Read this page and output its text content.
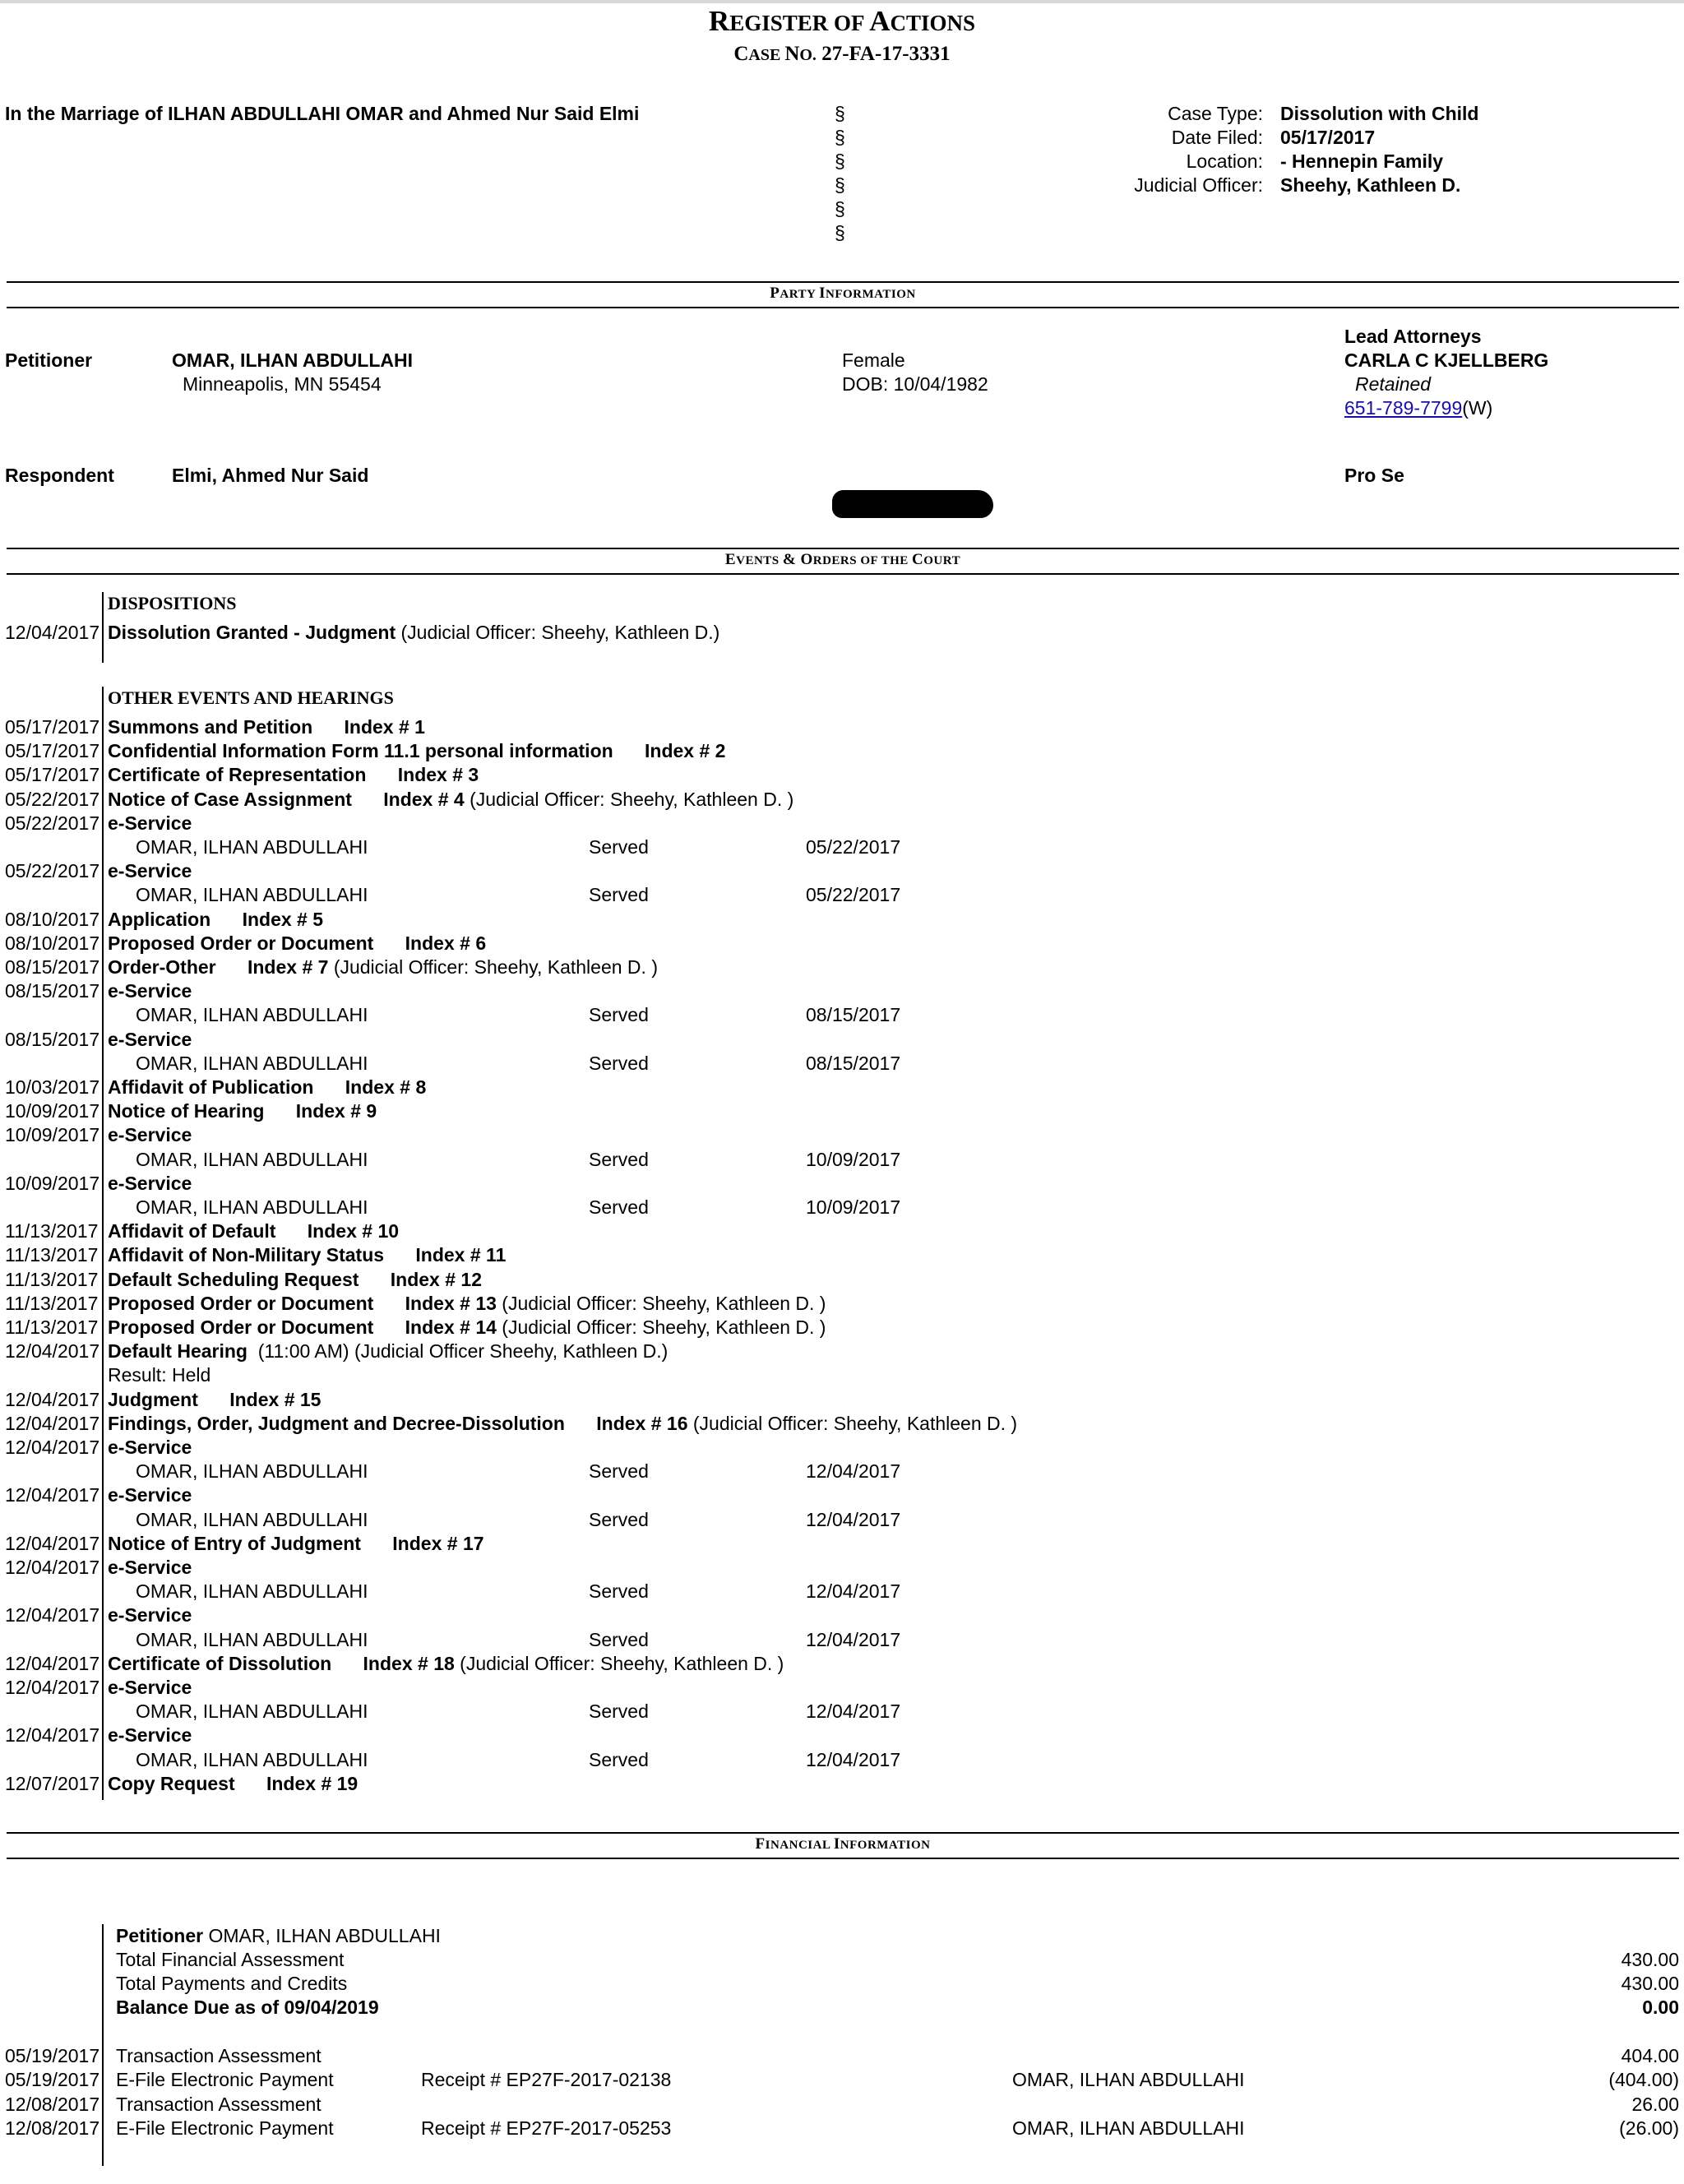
REGISTER OF ACTIONS
CASE NO. 27-FA-17-3331
In the Marriage of ILHAN ABDULLAHI OMAR and Ahmed Nur Said Elmi	§
§
§
§
§
§
Case Type: Dissolution with Child
Date Filed: 05/17/2017
Location: - Hennepin Family
Judicial Officer: Sheehy, Kathleen D.
PARTY INFORMATION
Lead Attorneys
Petitioner	OMAR, ILHAN ABDULLAHI
Minneapolis, MN 55454
Female
DOB: 10/04/1982
CARLA C KJELLBERG
Retained
651-789-7799(W)
Respondent	Elmi, Ahmed Nur Said	Pro Se
EVENTS & ORDERS OF THE COURT
DISPOSITIONS
12/04/2017 Dissolution Granted - Judgment (Judicial Officer: Sheehy, Kathleen D.)
OTHER EVENTS AND HEARINGS
05/17/2017 Summons and Petition Index # 1
05/17/2017 Confidential Information Form 11.1 personal information Index # 2
05/17/2017 Certificate of Representation Index # 3
05/22/2017 Notice of Case Assignment Index # 4 (Judicial Officer: Sheehy, Kathleen D. )
05/22/2017 e-Service
OMAR, ILHAN ABDULLAHI	Served	05/22/2017
05/22/2017 e-Service
OMAR, ILHAN ABDULLAHI	Served	05/22/2017
08/10/2017 Application Index # 5
08/10/2017 Proposed Order or Document Index # 6
08/15/2017 Order-Other Index # 7 (Judicial Officer: Sheehy, Kathleen D. )
08/15/2017 e-Service
OMAR, ILHAN ABDULLAHI	Served	08/15/2017
08/15/2017 e-Service
OMAR, ILHAN ABDULLAHI	Served	08/15/2017
10/03/2017 Affidavit of Publication Index # 8
10/09/2017 Notice of Hearing Index # 9
10/09/2017 e-Service
OMAR, ILHAN ABDULLAHI	Served	10/09/2017
10/09/2017 e-Service
OMAR, ILHAN ABDULLAHI	Served	10/09/2017
11/13/2017 Affidavit of Default Index # 10
11/13/2017 Affidavit of Non-Military Status Index # 11
11/13/2017 Default Scheduling Request Index # 12
11/13/2017 Proposed Order or Document Index # 13 (Judicial Officer: Sheehy, Kathleen D. )
11/13/2017 Proposed Order or Document Index # 14 (Judicial Officer: Sheehy, Kathleen D. )
12/04/2017 Default Hearing (11:00 AM) (Judicial Officer Sheehy, Kathleen D.)
Result: Held
12/04/2017 Judgment Index # 15
12/04/2017 Findings, Order, Judgment and Decree-Dissolution Index # 16 (Judicial Officer: Sheehy, Kathleen D. )
12/04/2017 e-Service
OMAR, ILHAN ABDULLAHI	Served	12/04/2017
12/04/2017 e-Service
OMAR, ILHAN ABDULLAHI	Served	12/04/2017
12/04/2017 Notice of Entry of Judgment Index # 17
12/04/2017 e-Service
OMAR, ILHAN ABDULLAHI	Served	12/04/2017
12/04/2017 e-Service
OMAR, ILHAN ABDULLAHI	Served	12/04/2017
12/04/2017 Certificate of Dissolution Index # 18 (Judicial Officer: Sheehy, Kathleen D. )
12/04/2017 e-Service
OMAR, ILHAN ABDULLAHI	Served	12/04/2017
12/04/2017 e-Service
OMAR, ILHAN ABDULLAHI	Served	12/04/2017
12/07/2017 Copy Request Index # 19
FINANCIAL INFORMATION
Petitioner OMAR, ILHAN ABDULLAHI
Total Financial Assessment	430.00
Total Payments and Credits	430.00
Balance Due as of 09/04/2019	0.00
05/19/2017 Transaction Assessment	404.00
05/19/2017 E-File Electronic Payment	Receipt # EP27F-2017-02138	OMAR, ILHAN ABDULLAHI	(404.00)
12/08/2017 Transaction Assessment	26.00
12/08/2017 E-File Electronic Payment	Receipt # EP27F-2017-05253	OMAR, ILHAN ABDULLAHI	(26.00)
